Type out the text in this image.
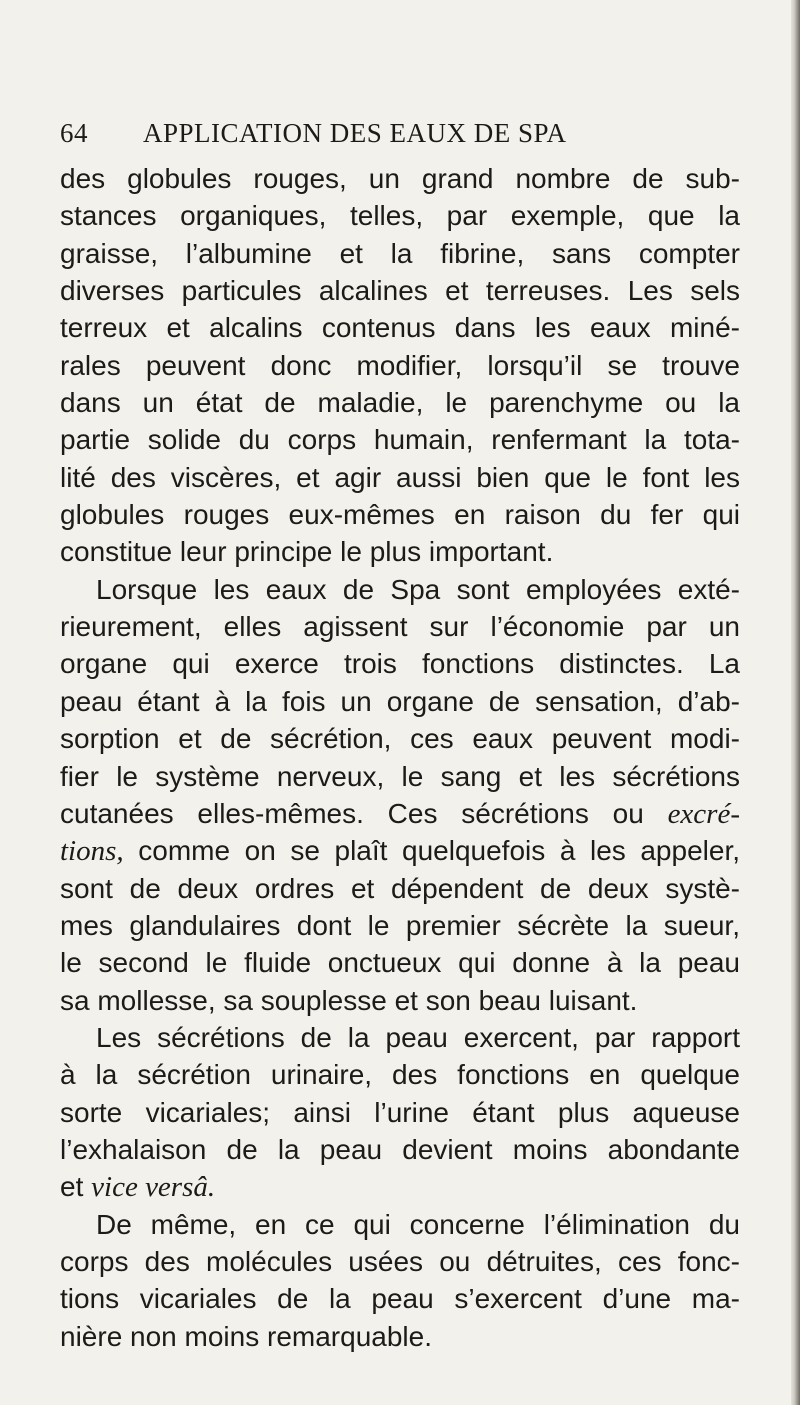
64 APPLICATION DES EAUX DE SPA
des globules rouges, un grand nombre de sub-
stances organiques, telles, par exemple, que la
graisse, l’albumine et la fibrine, sans compter
diverses particules alcalines et terreuses. Les sels
terreux et alcalins contenus dans les eaux miné-
rales peuvent donc modifier, lorsqu’il se trouve
dans un état de maladie, le parenchyme ou la
partie solide du corps humain, renfermant la tota-
lité des viscères, et agir aussi bien que le font les
globules rouges eux-mêmes en raison du fer qui
constitue leur principe le plus important.
Lorsque les eaux de Spa sont employées exté-
rieurement, elles agissent sur l’économie par un
organe qui exerce trois fonctions distinctes. La
peau étant à la fois un organe de sensation, d’ab-
sorption et de sécrétion, ces eaux peuvent modi-
fier le système nerveux, le sang et les sécrétions
cutanées elles-mêmes. Ces sécrétions ou excré-
tions, comme on se plaît quelquefois à les appeler,
sont de deux ordres et dépendent de deux systè-
mes glandulaires dont le premier sécrète la sueur,
le second le fluide onctueux qui donne à la peau
sa mollesse, sa souplesse et son beau luisant.
Les sécrétions de la peau exercent, par rapport
à la sécrétion urinaire, des fonctions en quelque
sorte vicariales; ainsi l’urine étant plus aqueuse
l’exhalaison de la peau devient moins abondante
et vice versâ.
De même, en ce qui concerne l’élimination du
corps des molécules usées ou détruites, ces fonc-
tions vicariales de la peau s’exercent d’une ma-
nière non moins remarquable.
